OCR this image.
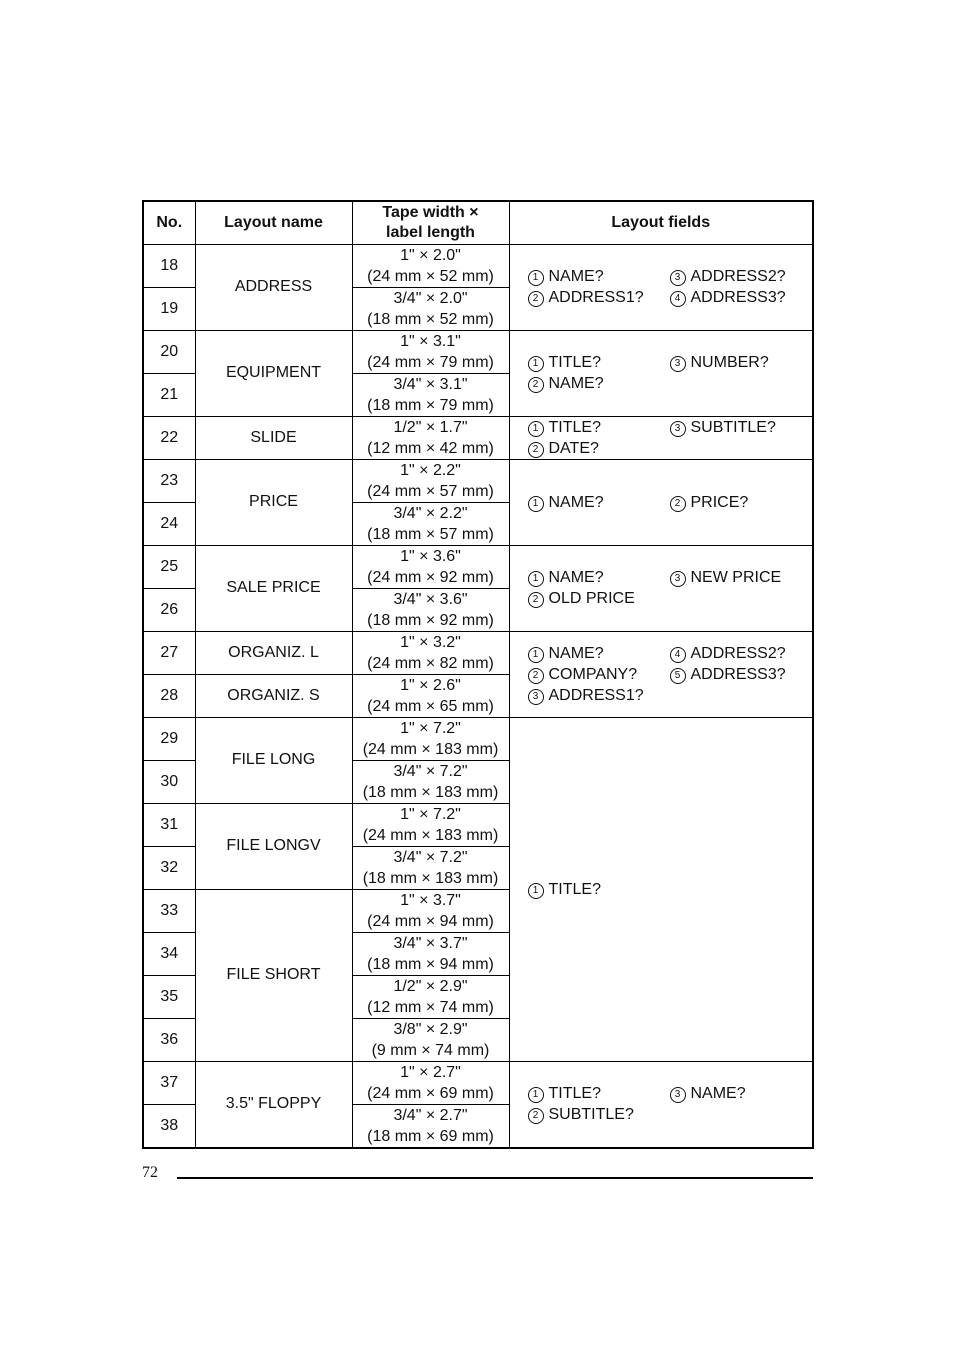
No.	Layout name	Tape width ×
label length	Layout fields
18	ADDRESS	1" × 2.0"
(24 mm × 52 mm)	1 NAME? 3 ADDRESS2?
2 ADDRESS1? 4 ADDRESS3?

19		3/4" × 2.0"
(18 mm × 52 mm)	
20	EQUIPMENT	1" × 3.1"
(24 mm × 79 mm)	1 TITLE? 3 NUMBER?
2 NAME?

21		3/4" × 3.1"
(18 mm × 79 mm)	
22	SLIDE	1/2" × 1.7"
(12 mm × 42 mm)	1 TITLE? 3 SUBTITLE?
2 DATE?

23	PRICE	1" × 2.2"
(24 mm × 57 mm)	1 NAME? 2 PRICE?

24		3/4" × 2.2"
(18 mm × 57 mm)	
25	SALE PRICE	1" × 3.6"
(24 mm × 92 mm)	1 NAME? 3 NEW PRICE
2 OLD PRICE

26		3/4" × 3.6"
(18 mm × 92 mm)	
27	ORGANIZ. L	1" × 3.2"
(24 mm × 82 mm)	1 NAME? 4 ADDRESS2?
2 COMPANY? 5 ADDRESS3?
3 ADDRESS1?

28	ORGANIZ. S	1" × 2.6"
(24 mm × 65 mm)	
29	FILE LONG	1" × 7.2"
(24 mm × 183 mm)	1 TITLE?

30		3/4" × 7.2"
(18 mm × 183 mm)	
31	FILE LONGV	1" × 7.2"
(24 mm × 183 mm)	
32		3/4" × 7.2"
(18 mm × 183 mm)	
33	FILE SHORT	1" × 3.7"
(24 mm × 94 mm)	
34		3/4" × 3.7"
(18 mm × 94 mm)	
35		1/2" × 2.9"
(12 mm × 74 mm)	
36		3/8" × 2.9"
(9 mm × 74 mm)	
37	3.5" FLOPPY	1" × 2.7"
(24 mm × 69 mm)	1 TITLE? 3 NAME?
2 SUBTITLE?

38		3/4" × 2.7"
(18 mm × 69 mm)	
72
